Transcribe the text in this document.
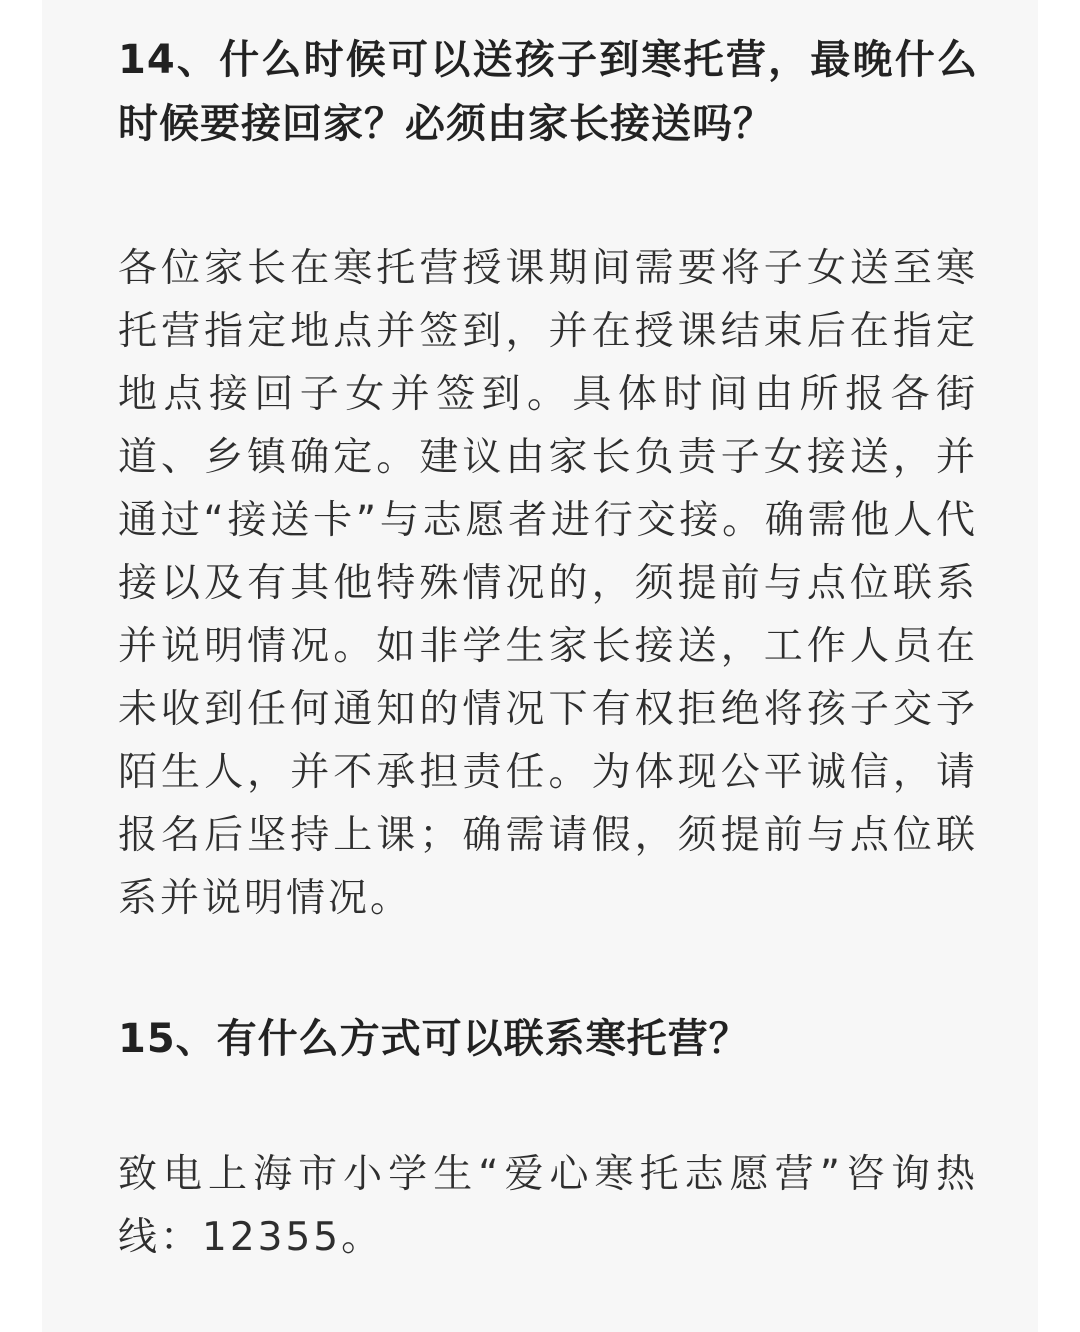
14、什么时候可以送孩子到寒托营，最晚什么时候要接回家？必须由家长接送吗？

各位家长在寒托营授课期间需要将子女送至寒托营指定地点并签到，并在授课结束后在指定地点接回子女并签到。具体时间由所报各街道、乡镇确定。建议由家长负责子女接送，并通过“接送卡”与志愿者进行交接。确需他人代接以及有其他特殊情况的，须提前与点位联系并说明情况。如非学生家长接送，工作人员在未收到任何通知的情况下有权拒绝将孩子交予陌生人，并不承担责任。为体现公平诚信，请报名后坚持上课；确需请假，须提前与点位联系并说明情况。

15、有什么方式可以联系寒托营？

致电上海市小学生“爱心寒托志愿营”咨询热线：12355。
